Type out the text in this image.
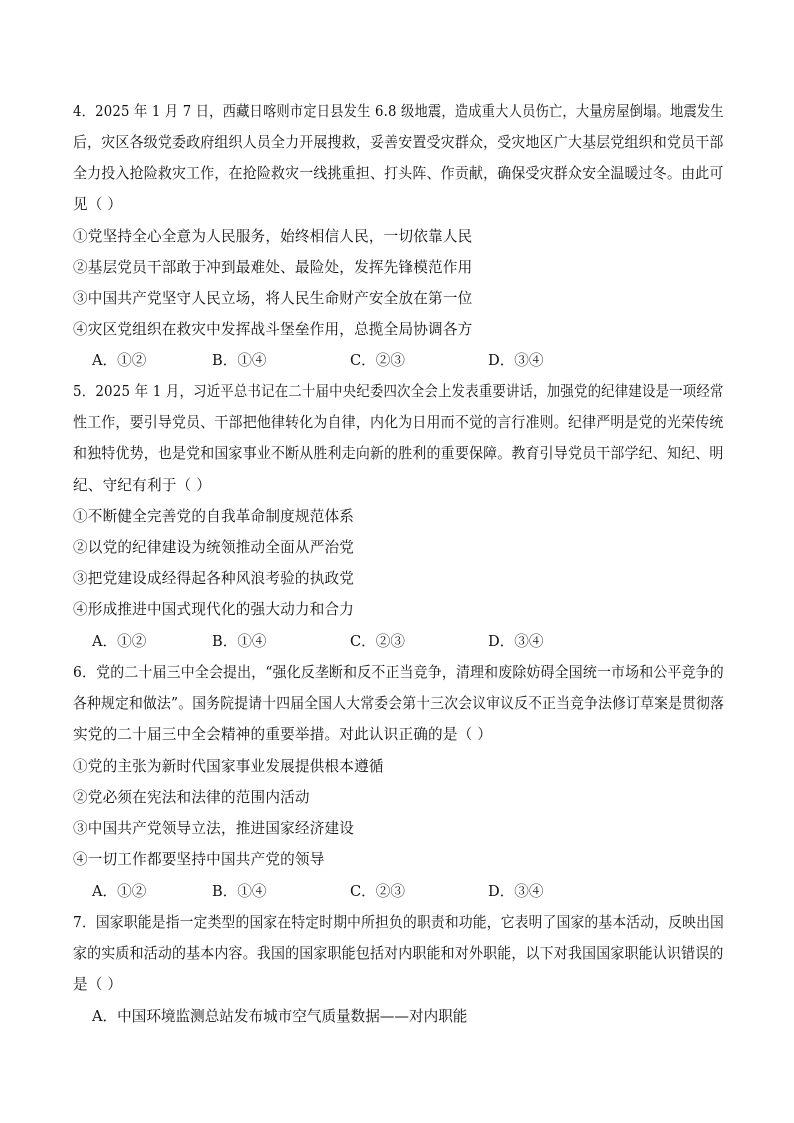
4．2025 年 1 月 7 日，西藏日喀则市定日县发生 6.8 级地震，造成重大人员伤亡，大量房屋倒塌。地震发生
后，灾区各级党委政府组织人员全力开展搜救，妥善安置受灾群众，受灾地区广大基层党组织和党员干部
全力投入抢险救灾工作，在抢险救灾一线挑重担、打头阵、作贡献，确保受灾群众安全温暖过冬。由此可
见（ ）
①党坚持全心全意为人民服务，始终相信人民，一切依靠人民
②基层党员干部敢于冲到最难处、最险处，发挥先锋模范作用
③中国共产党坚守人民立场，将人民生命财产安全放在第一位
④灾区党组织在救灾中发挥战斗堡垒作用，总揽全局协调各方
A．①②	B．①④	C．②③	D．③④
5．2025 年 1 月，习近平总书记在二十届中央纪委四次全会上发表重要讲话，加强党的纪律建设是一项经常
性工作，要引导党员、干部把他律转化为自律，内化为日用而不觉的言行准则。纪律严明是党的光荣传统
和独特优势，也是党和国家事业不断从胜利走向新的胜利的重要保障。教育引导党员干部学纪、知纪、明
纪、守纪有利于（ ）
①不断健全完善党的自我革命制度规范体系
②以党的纪律建设为统领推动全面从严治党
③把党建设成经得起各种风浪考验的执政党
④形成推进中国式现代化的强大动力和合力
A．①②	B．①④	C．②③	D．③④
6．党的二十届三中全会提出，“强化反垄断和反不正当竞争，清理和废除妨碍全国统一市场和公平竞争的
各种规定和做法”。国务院提请十四届全国人大常委会第十三次会议审议反不正当竞争法修订草案是贯彻落
实党的二十届三中全会精神的重要举措。对此认识正确的是（ ）
①党的主张为新时代国家事业发展提供根本遵循
②党必须在宪法和法律的范围内活动
③中国共产党领导立法，推进国家经济建设
④一切工作都要坚持中国共产党的领导
A．①②	B．①④	C．②③	D．③④
7．国家职能是指一定类型的国家在特定时期中所担负的职责和功能，它表明了国家的基本活动，反映出国
家的实质和活动的基本内容。我国的国家职能包括对内职能和对外职能，以下对我国国家职能认识错误的
是（ ）
A．中国环境监测总站发布城市空气质量数据——对内职能
